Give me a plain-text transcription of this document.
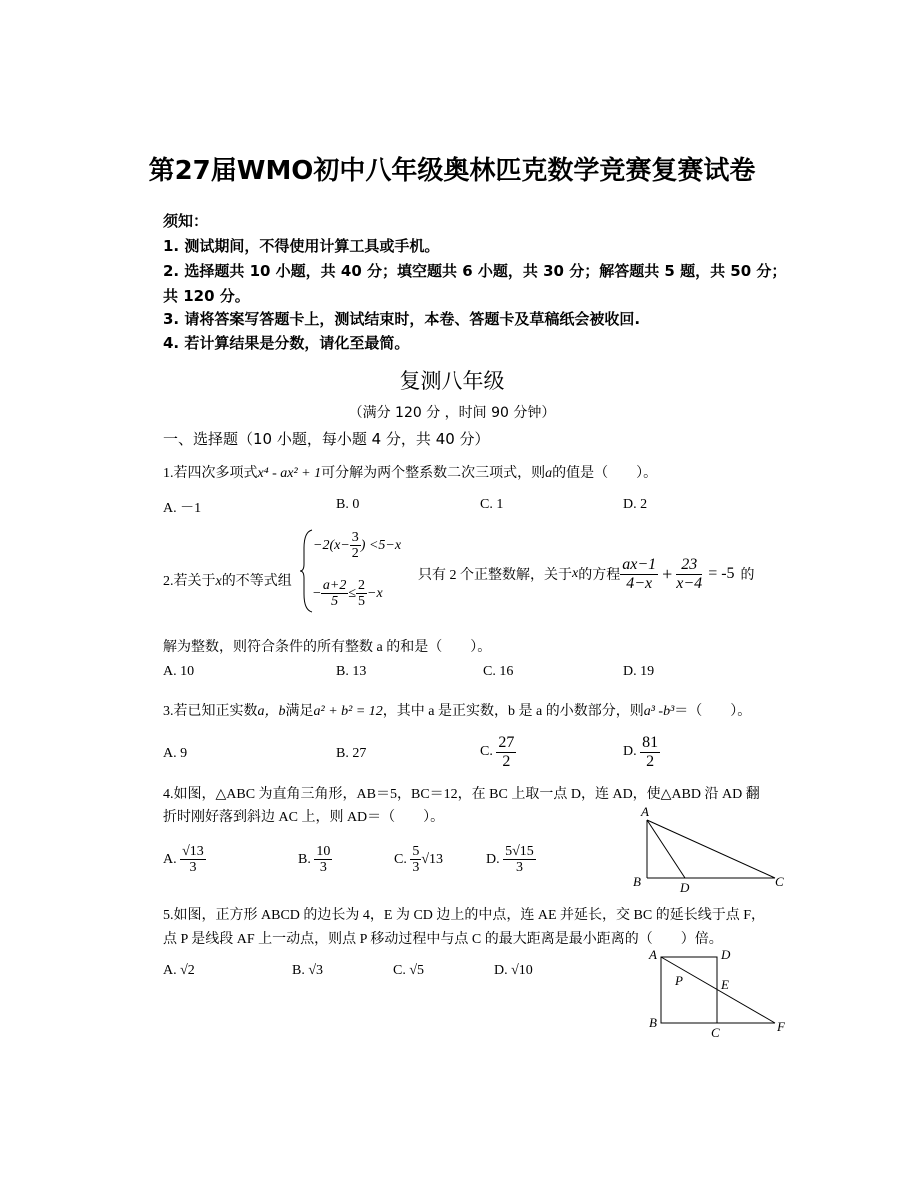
第27届WMO初中八年级奥林匹克数学竞赛复赛试卷
须知：
1. 测试期间，不得使用计算工具或手机。
2. 选择题共 10 小题，共 40 分；填空题共 6 小题，共 30 分；解答题共 5 题，共 50 分；
共 120 分。
3. 请将答案写答题卡上，测试结束时，本卷、答题卡及草稿纸会被收回.
4. 若计算结果是分数，请化至最简。
复测八年级
（满分 120 分 ，时间 90 分钟）
一、选择题（10 小题，每小题 4 分，共 40 分）
1.若四次多项式x⁴ - ax² + 1可分解为两个整系数二次三项式，则a的值是（　　）。
A. －1	B. 0	C. 1	D. 2
2.若关于x的不等式组
$-2(x- \frac{3}{2}$ ) <5−x
− $\frac{a+2}{5} \le \frac{2}{5} -x$
只有 2 个正整数解，关于x的方程 $\frac{ax-1}{4-x} + \frac{23}{x-4} = -5$ 的
解为整数，则符合条件的所有整数 a 的和是（　　）。
A. 10	B. 13	C. 16	D. 19
3.若已知正实数a，b满足a² + b² = 12，其中 a 是正实数，b 是 a 的小数部分，则a³ -b³＝（　　）。
A. 9	B. 27	C. $\frac{27}{2}$	D. $\frac{81}{2}$
4.如图，△ABC 为直角三角形，AB＝5，BC＝12，在 BC 上取一点 D，连 AD，使△ABD 沿 AD 翻
折时刚好落到斜边 AC 上，则 AD＝（　　）。
A. $\frac{√13}{3}$	B. $\frac{10}{3}$	C. $\frac{5}{3} √13$	D. $\frac{5√15}{3}$
A
B	D	C
5.如图，正方形 ABCD 的边长为 4，E 为 CD 边上的中点，连 AE 并延长，交 BC 的延长线于点 F，
点 P 是线段 AF 上一动点，则点 P 移动过程中与点 C 的最大距离是最小距离的（　　）倍。
A. √2	B. √3	C. √5	D. √10
A	D
P	E
B
C	F
